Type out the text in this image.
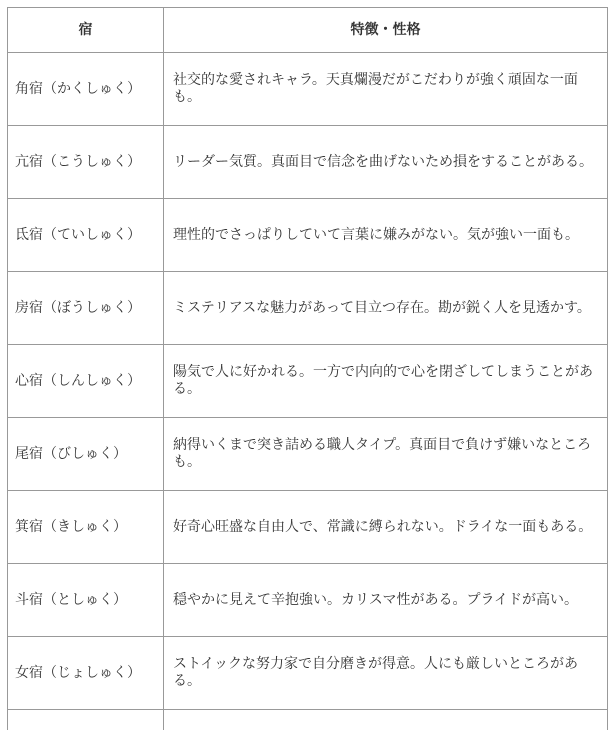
宿	特徴・性格
角宿（かくしゅく）	社交的な愛されキャラ。天真爛漫だがこだわりが強く頑固な一面も。
亢宿（こうしゅく）	リーダー気質。真面目で信念を曲げないため損をすることがある。
氐宿（ていしゅく）	理性的でさっぱりしていて言葉に嫌みがない。気が強い一面も。
房宿（ぼうしゅく）	ミステリアスな魅力があって目立つ存在。勘が鋭く人を見透かす。
心宿（しんしゅく）	陽気で人に好かれる。一方で内向的で心を閉ざしてしまうことがある。
尾宿（びしゅく）	納得いくまで突き詰める職人タイプ。真面目で負けず嫌いなところも。
箕宿（きしゅく）	好奇心旺盛な自由人で、常識に縛られない。ドライな一面もある。
斗宿（としゅく）	穏やかに見えて辛抱強い。カリスマ性がある。プライドが高い。
女宿（じょしゅく）	ストイックな努力家で自分磨きが得意。人にも厳しいところがある。
